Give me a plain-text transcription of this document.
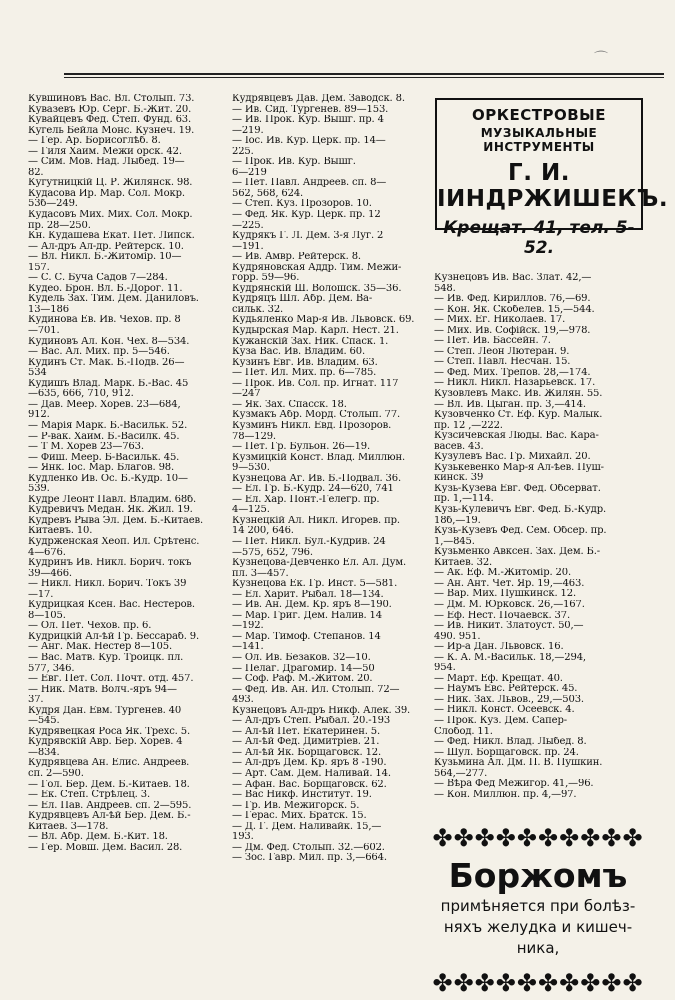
⌒
Кувшиновъ Вас. Вл. Столып. 73.
Кувазевъ Юр. Серг. Б.-Жит. 20.
Кувайцевъ Фед. Степ. Фунд. 63.
Кугель Бейла Монс. Кузнеч. 19.
— Гер. Ар. Борисоглѣб. 8.
— Гиля Хаим. Межи орск. 42.
— Сим. Мов. Над. Лыбед. 19—
82.
Кугутницкій Ц. Р. Жилянск. 98.
Кудасова Ир. Мар. Сол. Мокр.
53б—249.
Кудасовъ Мих. Мих. Сол. Мокр.
пр. 28—250.
Кн. Кудашева Екат. Пет. Липск.
— Ал-дръ Ал-др. Рейтерск. 10.
— Вл. Никл. Б.-Житомір. 10—
157.
— С. С. Буча Садов 7—284.
Кудео. Брон. Вл. Б.-Дорог. 11.
Кудель Зах. Тим. Дем. Даниловъ.
13—186
Кудинова Ев. Ив. Чехов. пр. 8
—701.
Кудиновъ Ал. Кон. Чех. 8—534.
— Вас. Ал. Мих. пр. 5—546.
Кудинъ Ст. Мак. Б.-Подв. 26—
534
Кудишъ Влад. Марк. Б.-Вас. 45
—635, 666, 710, 912.
— Дав. Меер. Хорев. 23—684,
912.
— Марія Марк. Б.-Васильк. 52.
— Р-вак. Хаим. Б.-Василк. 45.
— Т М. Хорев 23—763.
— Фиш. Меер. Б-Васильк. 45.
— Янк. Іос. Мар. Благов. 98.
Кудленко Ив. Ос. Б.-Кудр. 10—
539.
Кудре Леонт Павл. Владим. 68б.
Кудревичъ Медан. Як. Жил. 19.
Кудревъ Рыва Эл. Дем. Б.-Китаев.
Китаевъ. 10.
Кудрженская Хеоп. Ил. Срѣтенс.
4—676.
Кудринъ Ив. Никл. Борич. токъ
39—466.
— Никл. Никл. Борич. Токъ 39
—17.
Кудрицкая Ксен. Вас. Нестеров.
8—105.
— Ол. Пет. Чехов. пр. 6.
Кудрицкій Ал-ѣй Гр. Бессараб. 9.
— Анг. Мак. Нестер 8—105.
— Вас. Матв. Кур. Троицк. пл.
577, 346.
— Евг. Пет. Сол. Почт. отд. 457.
— Ник. Матв. Волч.-яръ 94—
37.
Кудря Дан. Евм. Тургенев. 40
—545.
Кудрявецкая Роса Як. Трехс. 5.
Кудрявскій Авр. Бер. Хорев. 4
—834.
Кудрявцева Ан. Елис. Андреев.
сп. 2—590.
— Гол. Бер. Дем. Б.-Китаев. 18.
— Ек. Степ. Стрѣлец. 3.
— Ел. Пав. Андреев. сп. 2—595.
Кудрявцевъ Ал-ѣй Бер. Дем. Б.-
Китаев. 3—178.
— Вл. Абр. Дем. Б.-Кит. 18.
— Гер. Мовш. Дем. Васил. 28.
Кудрявцевъ Дав. Дем. Заводск. 8.
— Ив. Сид. Тургенев. 89—153.
— Ив. Прок. Кур. Вышг. пр. 4
—219.
— Іос. Ив. Кур. Церк. пр. 14—
225.
— Прок. Ив. Кур. Вышг.
6—219
— Пет. Павл. Андреев. сп. 8—
562, 568, 624.
— Степ. Куз. Прозоров. 10.
— Фед. Як. Кур. Церк. пр. 12
—225.
Кудрякъ Г. Л. Дем. 3-я Луг. 2
—191.
— Ив. Амвр. Рейтерск. 8.
Кудряновская Аддр. Тим. Межи-
горр. 59—96.
Кудрянскій Ш. Волошск. 35—36.
Кудряцъ Шл. Абр. Дем. Ва-
сильк. 32.
Кудьяленко Мар-я Ив. Львовск. 69.
Кудырская Мар. Карл. Нест. 21.
Кужанскій Зах. Ник. Спаск. 1.
Куза Вас. Ив. Владим. 60.
Кузинъ Евг. Ив. Владим. 63.
— Пет. Ил. Мих. пр. 6—785.
— Прок. Ив. Сол. пр. Игнат. 117
—247
— Як. Зах. Спасск. 18.
Кузмакъ Абр. Морд. Столып. 77.
Кузминъ Никл. Евд. Прозоров.
78—129.
— Пет. Гр. Бульон. 26—19.
Кузмицкій Конст. Влад. Миллюн.
9—530.
Кузнецова Аг. Ив. Б.-Подвал. 36.
— Ел. Гр. Б.-Кудр. 24—620, 741
— Ел. Хар. Понт.-Гелегр. пр.
4—125.
Кузнецкій Ал. Никл. Игорев. пр.
14 200, 646.
— Пет. Никл. Бул.-Кудрив. 24
—575, 652, 796.
Кузнецова-Девченко Ел. Ал. Дум.
пл. 3—457.
Кузнецова Ек. Гр. Инст. 5—581.
— Ел. Харит. Рыбал. 18—134.
— Ив. Ан. Дем. Кр. яръ 8—190.
— Мар. Григ. Дем. Налив. 14
—192.
— Мар. Тимоф. Степанов. 14
—141.
— Ол. Ив. Безаков. 32—10.
— Пелаг. Драгомир. 14—50
— Соф. Раф. М.-Житом. 20.
— Фед. Ив. Ан. Ил. Столып. 72—
493.
Кузнецовъ Ал-дръ Никф. Алек. 39.
— Ал-дръ Степ. Рыбал. 20.-193
— Ал-ѣй Пет. Екатеринен. 5.
— Ал-ѣй Фед. Димитріев. 21.
— Ал-ѣй Як. Борщаговск. 12.
— Ал-дръ Дем. Кр. яръ 8 -190.
— Арт. Сам. Дем. Наливай. 14.
— Афан. Вас. Борщаговск. 62.
— Вас Никф. Институт. 19.
— Гр. Ив. Межигорск. 5.
— Герас. Мих. Братск. 15.
— Д. Г. Дем. Наливайк. 15,—
193.
— Дм. Фед. Столып. 32.—602.
— Зос. Гавр. Мил. пр. 3,—664.
ОРКЕСТРОВЫЕ
МУЗЫКАЛЬНЫЕ
ИНСТРУМЕНТЫ
Г. И. ІИНДРЖИШЕКЪ.
Крещат. 41, тел. 5-52.
Кузнецовъ Ив. Вас. Злат. 42,—
548.
— Ив. Фед. Кириллов. 76,—69.
— Кон. Як. Скобелев. 15,—544.
— Мих. Ег. Николаев. 17.
— Мих. Ив. Софійск. 19,—978.
— Пет. Ив. Бассейн. 7.
— Степ. Леон Лютеран. 9.
— Степ. Павл. Несчан. 15.
— Фед. Мих. Трепов. 28,—174.
— Никл. Никл. Назарьевск. 17.
Кузовлевъ Макс. Ив. Жилян. 55.
— Вл. Ив. Цыган. пр. 3,—414.
Кузовченко Ст. Еф. Кур. Малык.
пр. 12 ,—222.
Кузсичевская Люды. Вас. Карa-
васев. 43.
Кузулевъ Вас. Гр. Михайл. 20.
Кузькевенко Мар-я Ал-ѣев. Пуш-
кинск. 39
Кузь-Кузева Евг. Фед. Обсерват.
пр. 1,—114.
Кузь-Кулевичъ Евг. Фед. Б.-Кудр.
18б,—19.
Кузь-Кузевъ Фед. Сем. Обсер. пр.
1,—845.
Кузьменко Авксен. Зах. Дем. Б.-
Китаев. 32.
— Ак. Еф. М.-Житомір. 20.
— Ан. Ант. Чет. Яр. 19,—463.
— Вар. Мих. Пушкинск. 12.
— Дм. М. Юрковск. 26,—167.
— Еф. Нест. Почаевск. 37.
— Ив. Никит. Златоуст. 50,—
490. 951.
— Ир-а Дан. Львовск. 16.
— К. А. М.-Васильк. 18,—294,
954.
— Март. Еф. Крещат. 40.
— Наумъ Евс. Рейтерск. 45.
— Ник. Зах. Львов., 29,—503.
— Никл. Конст. Осеевск. 4.
— Прок. Куз. Дем. Сапер-
Слобод. 11.
— Фед. Никл. Влад. Лыбед. 8.
— Шул. Борщаговск. пр. 24.
Кузьмина Ал. Дм. П. В. Пушкин.
564,—277.
— Вѣра Фед Межигор. 41,—96.
— Кон. Миллюн. пр. 4,—97.
✤✤✤✤✤✤✤✤✤✤
Боржомъ
примѣняется при болѣз-
няхъ желудка и кишеч-
ника,
✤✤✤✤✤✤✤✤✤✤
